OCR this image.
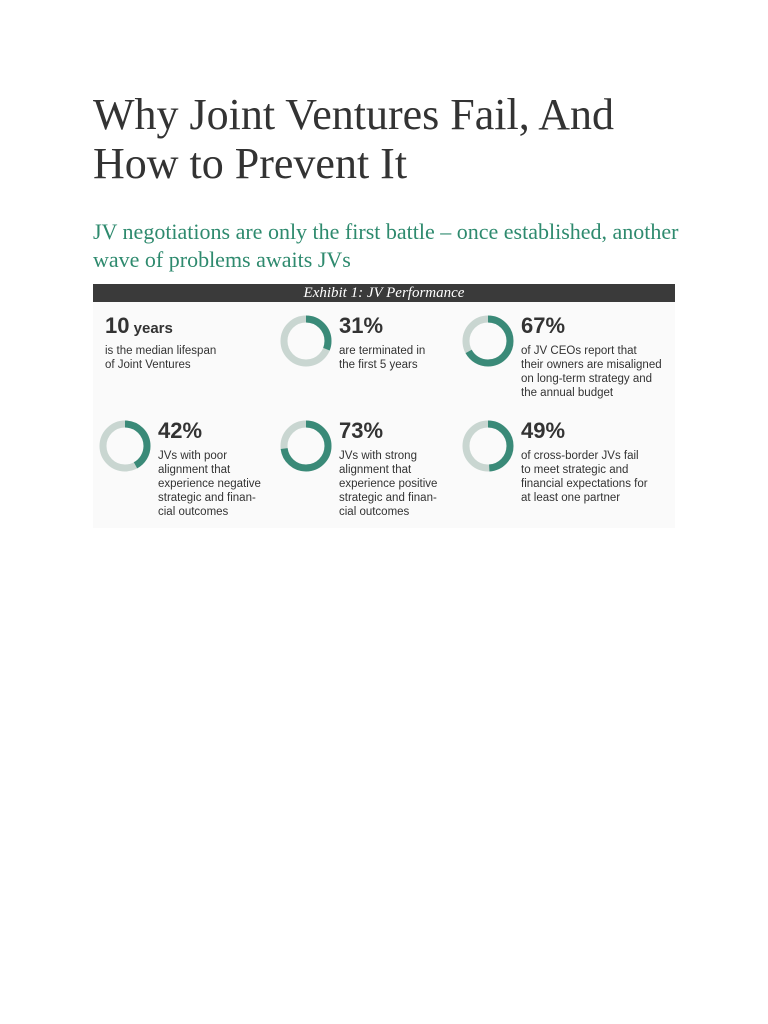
Why Joint Ventures Fail, And How to Prevent It

JV negotiations are only the first battle – once established, another wave of problems awaits JVs

Exhibit 1: JV Performance
10 years
is the median lifespan
of Joint Ventures
31%
are terminated in
the first 5 years
67%
of JV CEOs report that
their owners are misaligned
on long-term strategy and
the annual budget
42%
JVs with poor
alignment that
experience negative
strategic and finan-
cial outcomes
73%
JVs with strong
alignment that
experience positive
strategic and finan-
cial outcomes
49%
of cross-border JVs fail
to meet strategic and
financial expectations for
at least one partner
